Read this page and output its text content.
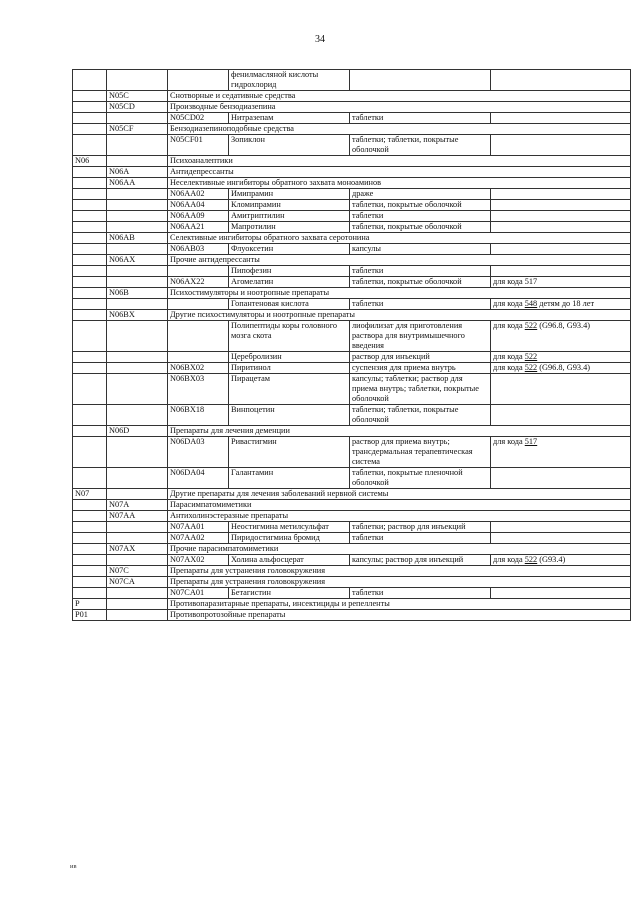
34
			фенилмасляной кислоты гидрохлорид		
	N05C	Снотворные и седативные средства			
	N05CD	Производные бензодиазепина			
		N05CD02	Нитразепам	таблетки	
	N05CF	Бензодиазепиноподобные средства			
		N05CF01	Зопиклон	таблетки; таблетки, покрытые оболочкой	
N06		Психоаналептики			
	N06A	Антидепрессанты			
	N06AA	Неселективные ингибиторы обратного захвата моноаминов			
		N06AA02	Имипрамин	драже	
		N06AA04	Кломипрамин	таблетки, покрытые оболочкой	
		N06AA09	Амитриптилин	таблетки	
		N06AA21	Мапротилин	таблетки, покрытые оболочкой	
	N06AB	Селективные ингибиторы обратного захвата серотонина			
		N06AB03	Флуоксетин	капсулы	
	N06AX	Прочие антидепрессанты			
			Пипофезин	таблетки	
		N06AX22	Агомелатин	таблетки, покрытые оболочкой	для кода 517
	N06B	Психостимуляторы и ноотропные препараты			
			Гопантеновая кислота	таблетки	для кода 548 детям до 18 лет
	N06BX	Другие психостимуляторы и ноотропные препараты			
			Полипептиды коры головного мозга скота	лиофилизат для приготовления раствора для внутримышечного введения	для кода 522 (G96.8, G93.4)
			Церебролизин	раствор для инъекций	для кода 522
		N06BX02	Пиритинол	суспензия для приема внутрь	для кода 522 (G96.8, G93.4)
		N06BX03	Пирацетам	капсулы; таблетки; раствор для приема внутрь; таблетки, покрытые оболочкой	
		N06BX18	Винпоцетин	таблетки; таблетки, покрытые оболочкой	
	N06D	Препараты для лечения деменции			
		N06DA03	Ривастигмин	раствор для приема внутрь; трансдермальная терапевтическая система	для кода 517
		N06DA04	Галантамин	таблетки, покрытые пленочной оболочкой	
N07		Другие препараты для лечения заболеваний нервной системы			
	N07A	Парасимпатомиметики			
	N07AA	Антихолинэстеразные препараты			
		N07AA01	Неостигмина метилсульфат	таблетки; раствор для инъекций	
		N07AA02	Пиридостигмина бромид	таблетки	
	N07AX	Прочие парасимпатомиметики			
		N07AX02	Холина альфосцерат	капсулы; раствор для инъекций	для кода 522 (G93.4)
	N07C	Препараты для устранения головокружения			
	N07CA	Препараты для устранения головокружения			
		N07CA01	Бетагистин	таблетки	
P		Противопаразитарные препараты, инсектициды и репелленты			
P01		Противопротозойные препараты			
ив
